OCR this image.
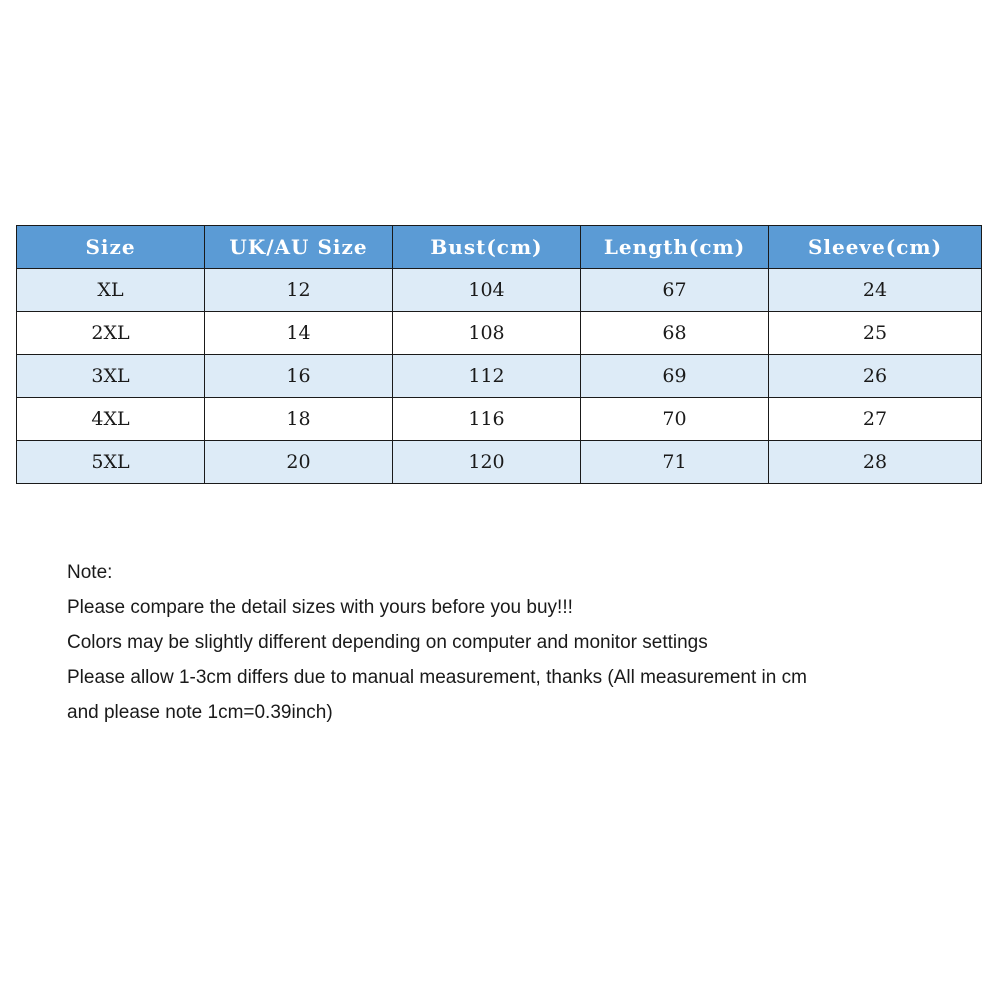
Size	UK/AU Size	Bust(cm)	Length(cm)	Sleeve(cm)
XL	12	104	67	24
2XL	14	108	68	25
3XL	16	112	69	26
4XL	18	116	70	27
5XL	20	120	71	28

Note:

Please compare the detail sizes with yours before you buy!!!

Colors may be slightly different depending on computer and monitor settings

Please allow 1-3cm differs due to manual measurement, thanks (All measurement in cm

and please note 1cm=0.39inch)
